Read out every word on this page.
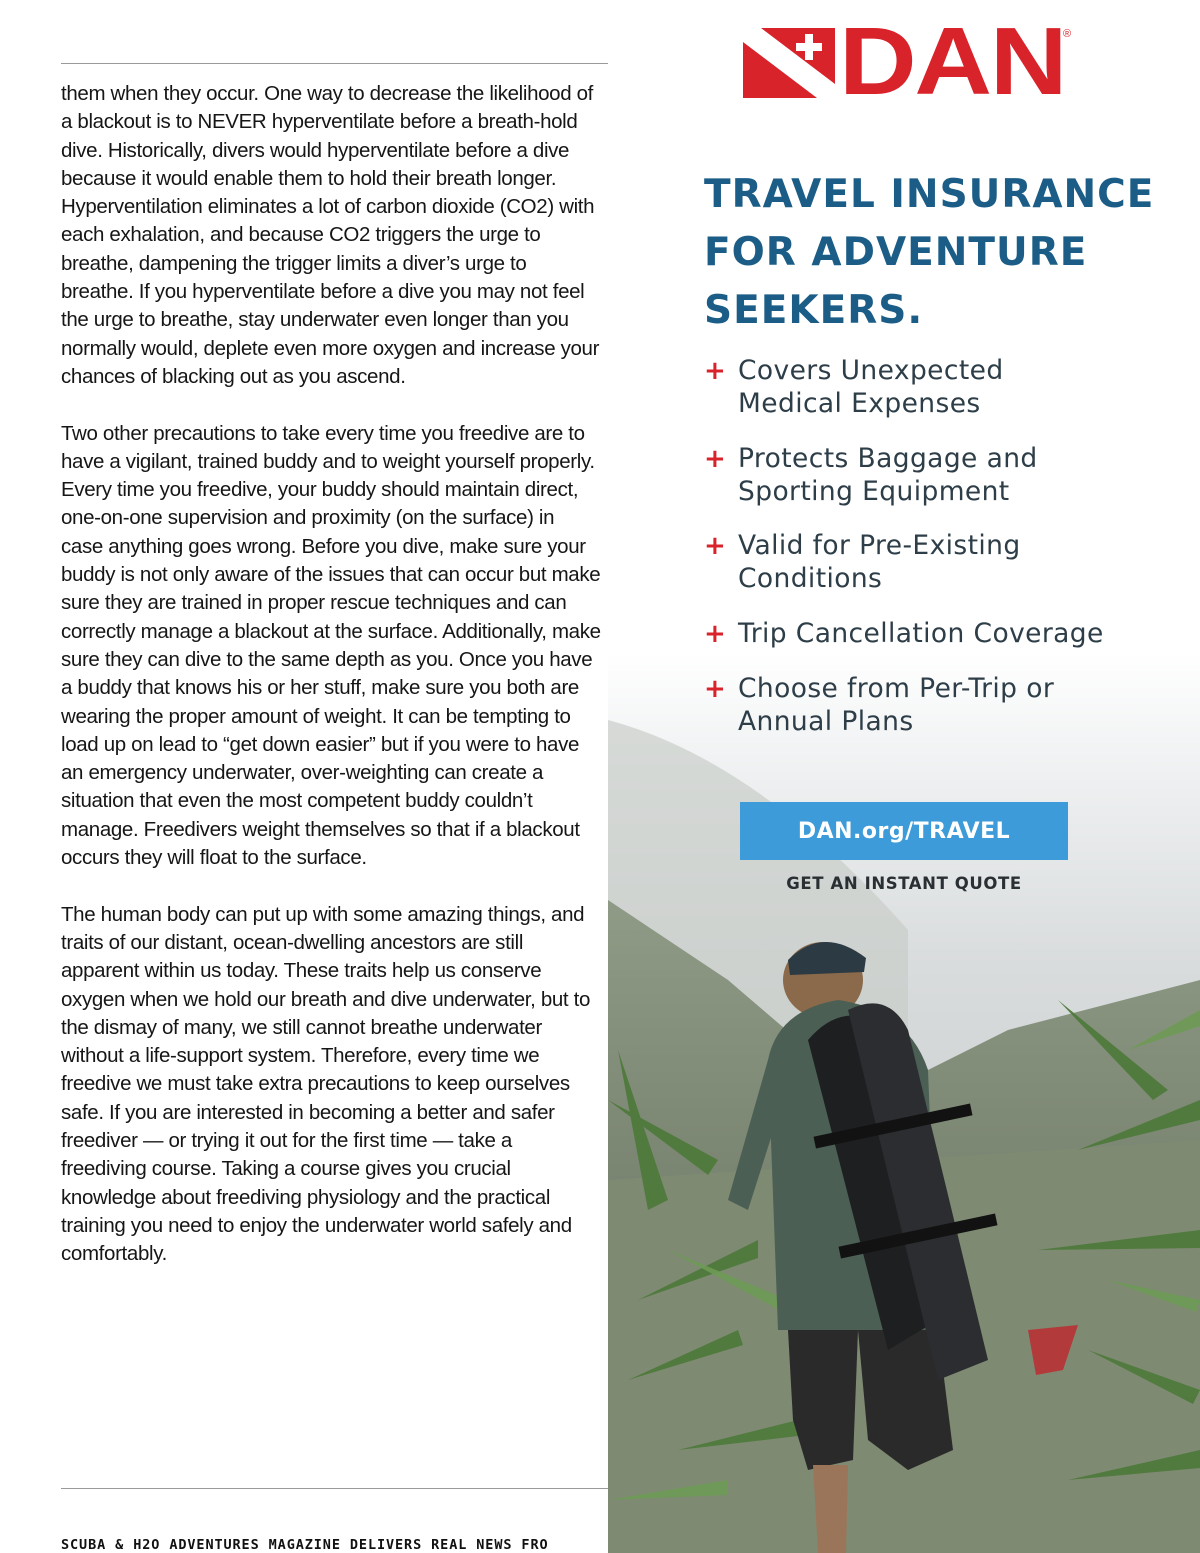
them when they occur. One way to decrease the likelihood of a blackout is to NEVER hyperventilate before a breath-hold dive. Historically, divers would hyperventilate before a dive because it would enable them to hold their breath longer. Hyperventilation eliminates a lot of carbon dioxide (CO2) with each exhalation, and because CO2 triggers the urge to breathe, dampening the trigger limits a diver’s urge to breathe. If you hyperventilate before a dive you may not feel the urge to breathe, stay underwater even longer than you normally would, deplete even more oxygen and increase your chances of blacking out as you ascend.

Two other precautions to take every time you freedive are to have a vigilant, trained buddy and to weight yourself properly. Every time you freedive, your buddy should maintain direct, one-on-one supervision and proximity (on the surface) in case anything goes wrong. Before you dive, make sure your buddy is not only aware of the issues that can occur but make sure they are trained in proper rescue techniques and can correctly manage a blackout at the surface. Additionally, make sure they can dive to the same depth as you. Once you have a buddy that knows his or her stuff, make sure you both are wearing the proper amount of weight. It can be tempting to load up on lead to “get down easier” but if you were to have an emergency underwater, over-weighting can create a situation that even the most competent buddy couldn’t manage. Freedivers weight themselves so that if a blackout occurs they will float to the surface.

The human body can put up with some amazing things, and traits of our distant, ocean-dwelling ancestors are still apparent within us today. These traits help us conserve oxygen when we hold our breath and dive underwater, but to the dismay of many, we still cannot breathe underwater without a life-support system. Therefore, every time we freedive we must take extra precautions to keep ourselves safe. If you are interested in becoming a better and safer freediver — or trying it out for the first time — take a freediving course. Taking a course gives you crucial knowledge about freediving physiology and the practical training you need to enjoy the underwater world safely and comfortably.

SCUBA & H2O ADVENTURES MAGAZINE DELIVERS REAL NEWS FRO
DAN
®
TRAVEL INSURANCE
FOR ADVENTURE
SEEKERS.
+ Covers Unexpected
Medical Expenses
+ Protects Baggage and
Sporting Equipment
+ Valid for Pre-Existing
Conditions
+ Trip Cancellation Coverage
+ Choose from Per-Trip or
Annual Plans
DAN.org/TRAVEL
GET AN INSTANT QUOTE
